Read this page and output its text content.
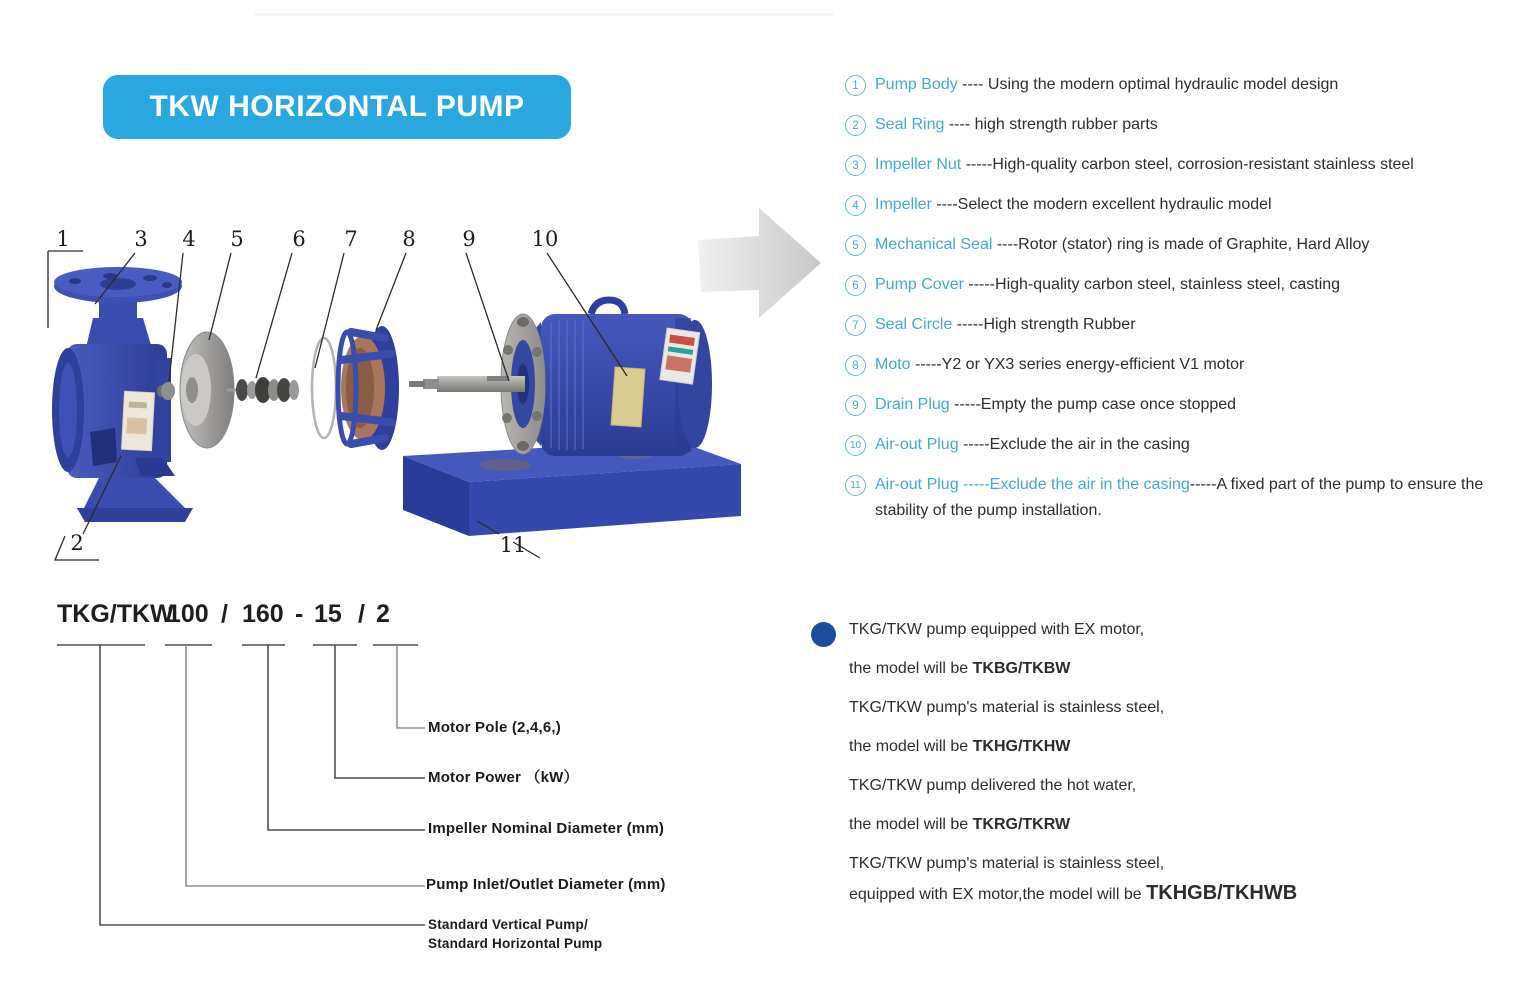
TKW HORIZONTAL PUMP
1	3 4 5 6 7 8 9	10
2	11
1	Pump Body ---- Using the modern optimal hydraulic model design
2	Seal Ring ---- high strength rubber parts
3	Impeller Nut -----High-quality carbon steel, corrosion-resistant stainless steel
4	Impeller ----Select the modern excellent hydraulic model
5	Mechanical Seal ----Rotor (stator) ring is made of Graphite, Hard Alloy
6	Pump Cover -----High-quality carbon steel, stainless steel, casting
7	Seal Circle -----High strength Rubber
8	Moto -----Y2 or YX3 series energy-efficient V1 motor
9	Drain Plug -----Empty the pump case once stopped
10 Air-out Plug -----Exclude the air in the casing
11 Air-out Plug -----Exclude the air in the casing-----A fixed part of the pump to ensure the stability of the pump installation.
TKG/TKW
100 / 160 - 15 / 2
Motor Pole (2,4,6,)
Motor Power （kW）
Impeller Nominal Diameter (mm)
Pump Inlet/Outlet Diameter (mm)
Standard Vertical Pump/
Standard Horizontal Pump
TKG/TKW pump equipped with EX motor,
the model will be TKBG/TKBW
TKG/TKW pump's material is stainless steel,
the model will be TKHG/TKHW
TKG/TKW pump delivered the hot water,
the model will be TKRG/TKRW
TKG/TKW pump's material is stainless steel,
equipped with EX motor,the model will be TKHGB/TKHWB
